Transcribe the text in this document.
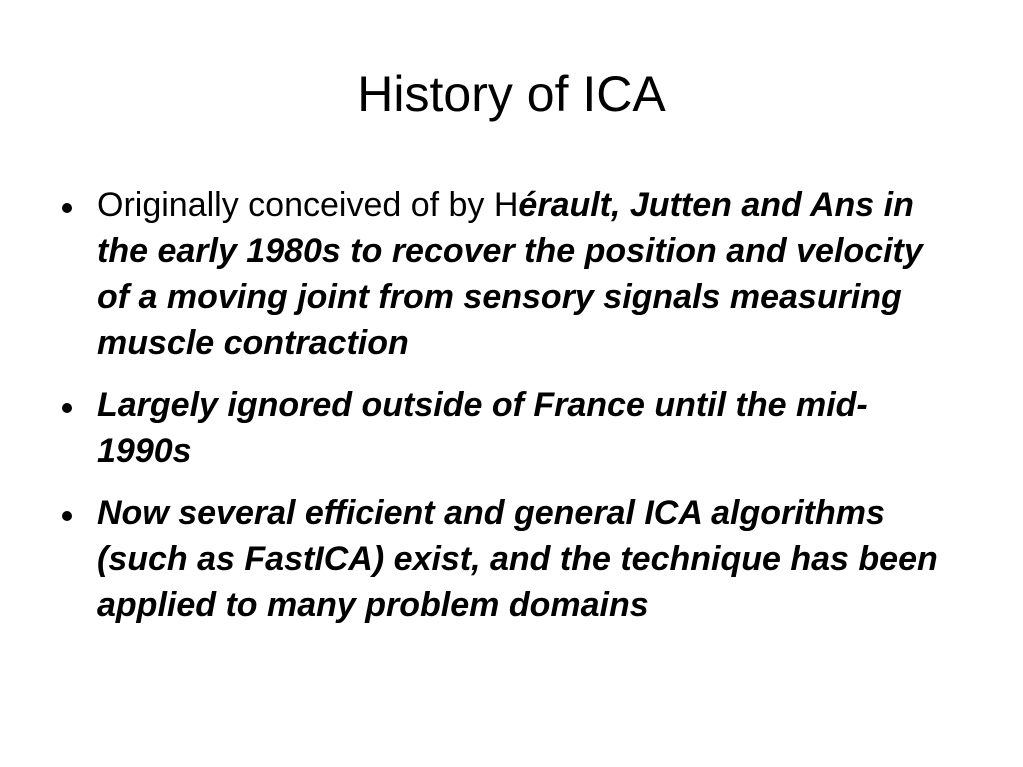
History of ICA
Originally conceived of by Hérault, Jutten and Ans in the early 1980s to recover the position and velocity of a moving joint from sensory signals measuring muscle contraction
Largely ignored outside of France until the mid-1990s
Now several efficient and general ICA algorithms (such as FastICA) exist, and the technique has been applied to many problem domains
